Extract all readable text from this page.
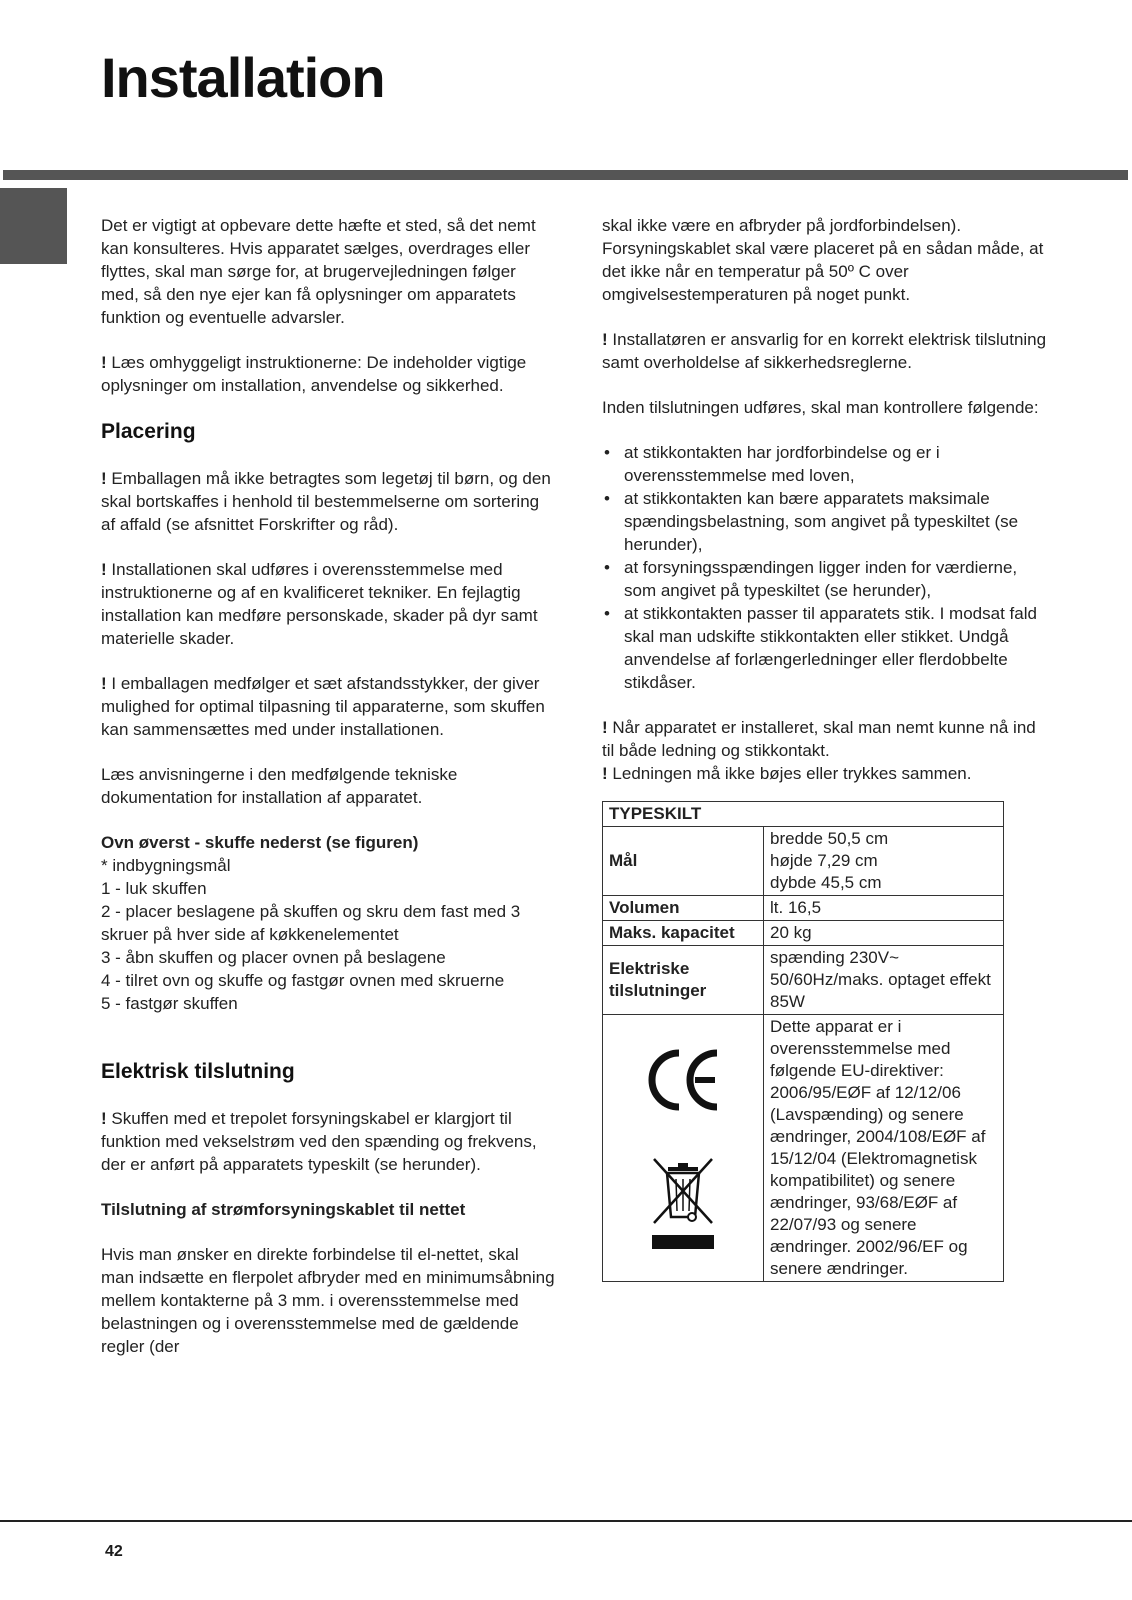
Installation

Det er vigtigt at opbevare dette hæfte et sted, så det nemt kan konsulteres. Hvis apparatet sælges, overdrages eller flyttes, skal man sørge for, at brugervejledningen følger med, så den nye ejer kan få oplysninger om apparatets funktion og eventuelle advarsler.

! Læs omhyggeligt instruktionerne: De indeholder vigtige oplysninger om installation, anvendelse og sikkerhed.

Placering

! Emballagen må ikke betragtes som legetøj til børn, og den skal bortskaffes i henhold til bestemmelserne om sortering af affald (se afsnittet Forskrifter og råd).

! Installationen skal udføres i overensstemmelse med instruktionerne og af en kvalificeret tekniker. En fejlagtig installation kan medføre personskade, skader på dyr samt materielle skader.

! I emballagen medfølger et sæt afstandsstykker, der giver mulighed for optimal tilpasning til apparaterne, som skuffen kan sammensættes med under installationen.

Læs anvisningerne i den medfølgende tekniske dokumentation for installation af apparatet.

Ovn øverst - skuffe nederst (se figuren)
* indbygningsmål
1 - luk skuffen
2 - placer beslagene på skuffen og skru dem fast med 3 skruer på hver side af køkkenelementet
3 - åbn skuffen og placer ovnen på beslagene
4 - tilret ovn og skuffe og fastgør ovnen med skruerne
5 - fastgør skuffen
Elektrisk tilslutning

! Skuffen med et trepolet forsyningskabel er klargjort til funktion med vekselstrøm ved den spænding og frekvens, der er anført på apparatets typeskilt (se herunder).

Tilslutning af strømforsyningskablet til nettet

Hvis man ønsker en direkte forbindelse til el-nettet, skal man indsætte en flerpolet afbryder med en minimumsåbning mellem kontakterne på 3 mm. i overensstemmelse med belastningen og i overensstemmelse med de gældende regler (der

skal ikke være en afbryder på jordforbindelsen). Forsyningskablet skal være placeret på en sådan måde, at det ikke når en temperatur på 50º C over omgivelsestemperaturen på noget punkt.

! Installatøren er ansvarlig for en korrekt elektrisk tilslutning samt overholdelse af sikkerhedsreglerne.

Inden tilslutningen udføres, skal man kontrollere følgende:

• at stikkontakten har jordforbindelse og er i overensstemmelse med loven,
• at stikkontakten kan bære apparatets maksimale spændingsbelastning, som angivet på typeskiltet (se herunder),
• at forsyningsspændingen ligger inden for værdierne, som angivet på typeskiltet (se herunder),
• at stikkontakten passer til apparatets stik. I modsat fald skal man udskifte stikkontakten eller stikket. Undgå anvendelse af forlængerledninger eller flerdobbelte stikdåser.
! Når apparatet er installeret, skal man nemt kunne nå ind til både ledning og stikkontakt.
! Ledningen må ikke bøjes eller trykkes sammen.
TYPESKILT	
Mål	bredde 50,5 cm
højde 7,29 cm
dybde 45,5 cm
Volumen	lt. 16,5
Maks. kapacitet	20 kg
Elektriske tilslutninger	spænding 230V~ 50/60Hz/maks. optaget effekt 85W

	Dette apparat er i overensstemmelse med følgende EU-direktiver: 2006/95/EØF af 12/12/06 (Lavspænding) og senere ændringer, 2004/108/EØF af 15/12/04 (Elektromagnetisk kompatibilitet) og senere ændringer, 93/68/EØF af 22/07/93 og senere ændringer. 2002/96/EF og senere ændringer.
42
